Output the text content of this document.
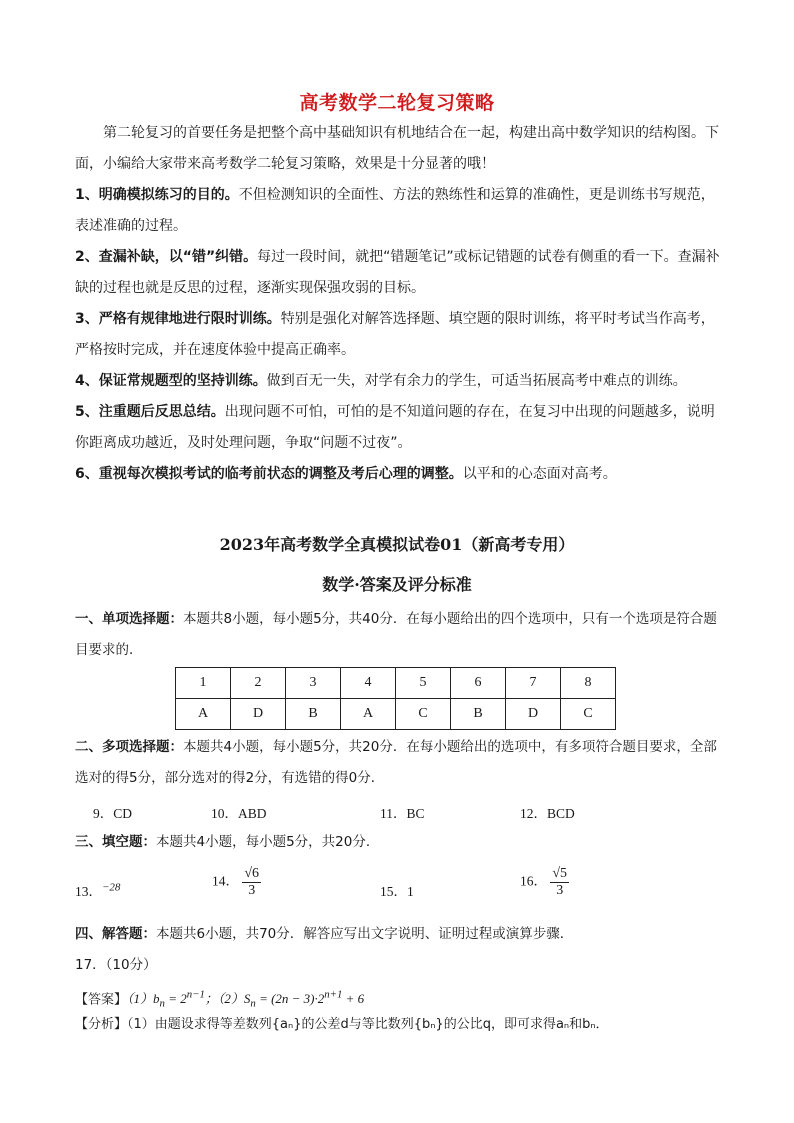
高考数学二轮复习策略
第二轮复习的首要任务是把整个高中基础知识有机地结合在一起，构建出高中数学知识的结构图。下面，小编给大家带来高考数学二轮复习策略，效果是十分显著的哦！
1、明确模拟练习的目的。不但检测知识的全面性、方法的熟练性和运算的准确性，更是训练书写规范，表述准确的过程。
2、查漏补缺，以“错”纠错。每过一段时间，就把“错题笔记”或标记错题的试卷有侧重的看一下。查漏补缺的过程也就是反思的过程，逐渐实现保强攻弱的目标。
3、严格有规律地进行限时训练。特别是强化对解答选择题、填空题的限时训练，将平时考试当作高考，严格按时完成，并在速度体验中提高正确率。
4、保证常规题型的坚持训练。做到百无一失，对学有余力的学生，可适当拓展高考中难点的训练。
5、注重题后反思总结。出现问题不可怕，可怕的是不知道问题的存在，在复习中出现的问题越多，说明你距离成功越近，及时处理问题，争取“问题不过夜”。
6、重视每次模拟考试的临考前状态的调整及考后心理的调整。以平和的心态面对高考。
2023年高考数学全真模拟试卷01（新高考专用）
数学·答案及评分标准
一、单项选择题：本题共8小题，每小题5分，共40分．在每小题给出的四个选项中，只有一个选项是符合题目要求的．
1	2	3	4	5	6	7	8
A	D	B	A	C	B	D	C
二、多项选择题：本题共4小题，每小题5分，共20分．在每小题给出的选项中，有多项符合题目要求，全部选对的得5分，部分选对的得2分，有选错的得0分．
9．CD	10．ABD	11．BC	12．BCD
三、填空题：本题共4小题，每小题5分，共20分．
13．$^{-28}$	14． $\frac{√6}{3}$	15．1
16． $\frac{√5}{3}$
四、解答题：本题共6小题，共70分．解答应写出文字说明、证明过程或演算步骤．
17．（10分）
【答案】$(1)b_n = 2^{n-1}$；$(2)S_n = (2n - 3)\cdot 2^{n+1} + 6$
【分析】（1）由题设求得等差数列{aₙ}的公差d与等比数列{bₙ}的公比q，即可求得aₙ和bₙ．
